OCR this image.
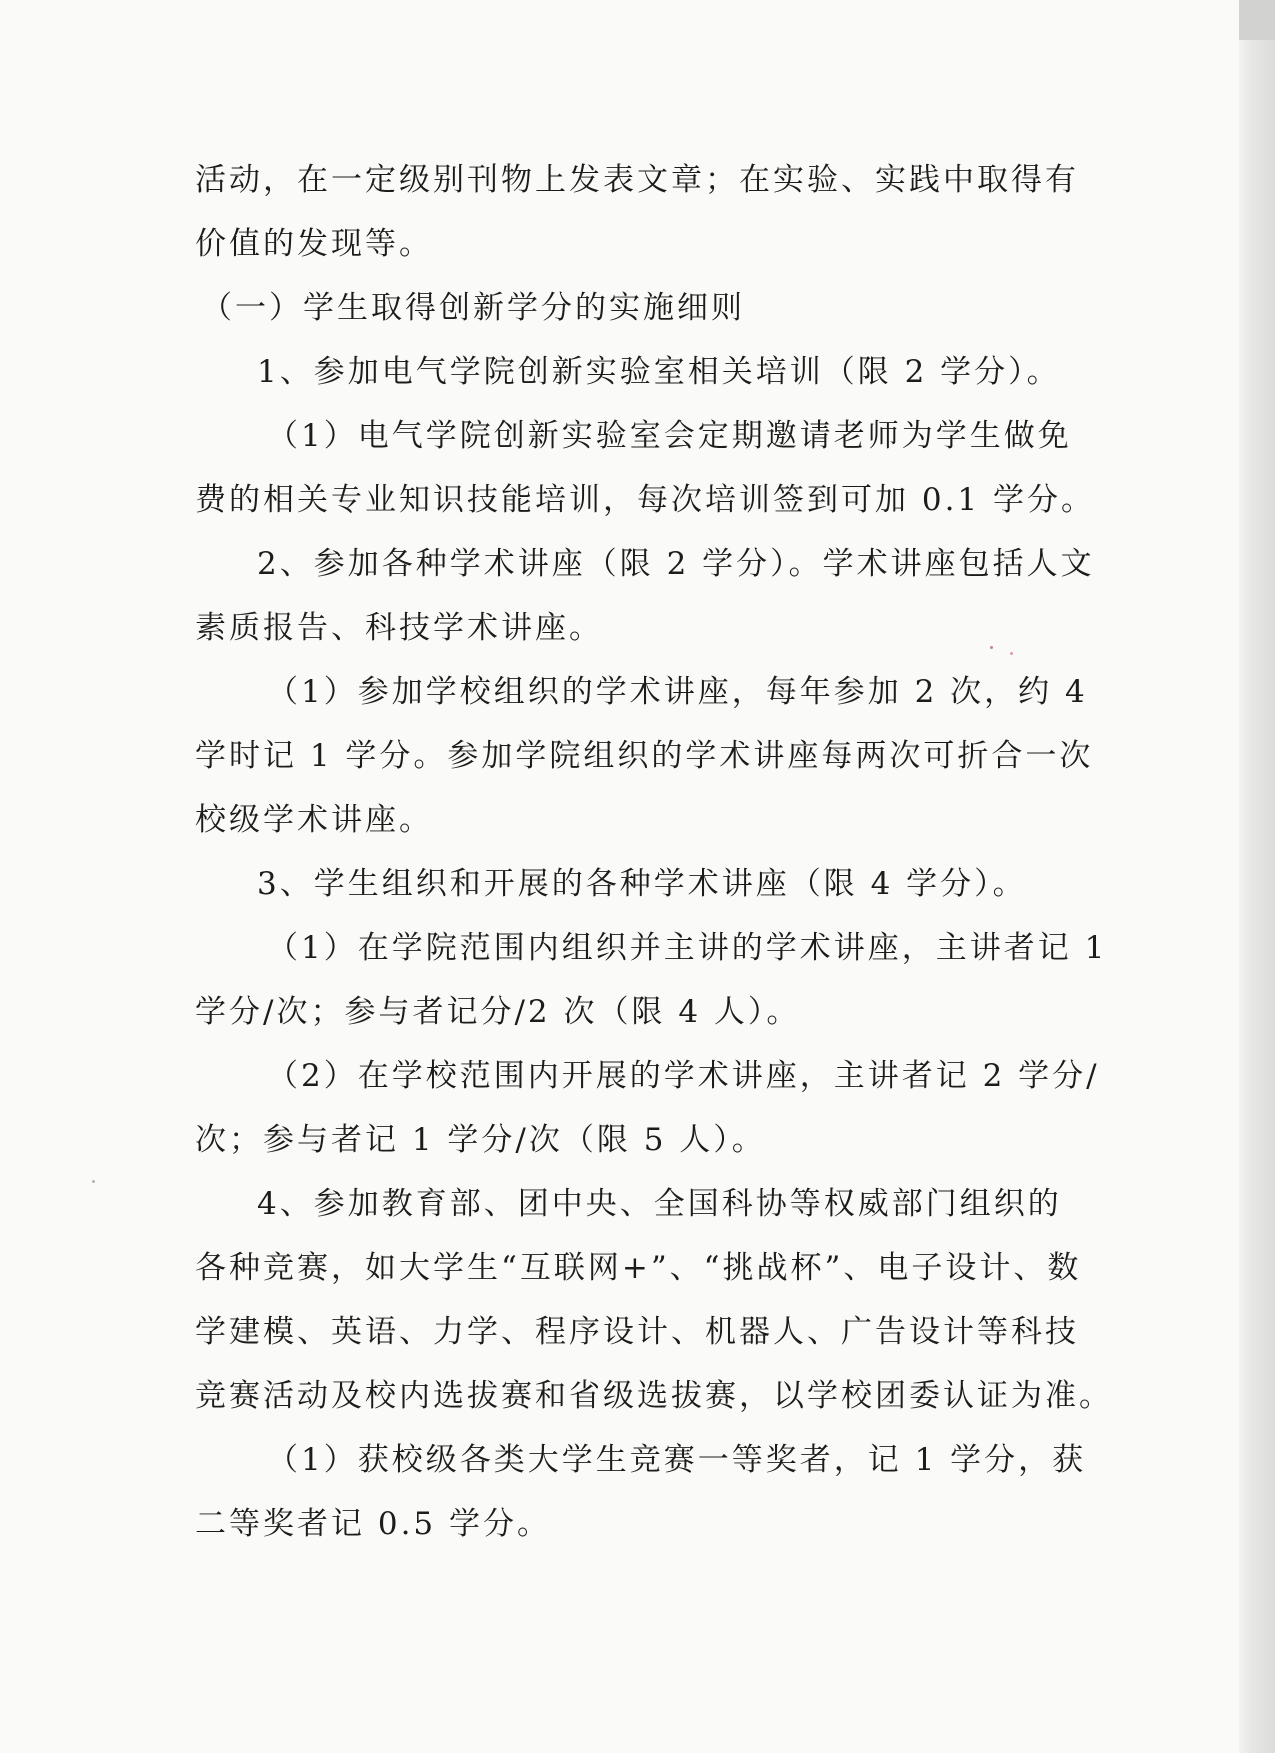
活动，在一定级别刊物上发表文章；在实验、实践中取得有
价值的发现等。
（一）学生取得创新学分的实施细则
1、参加电气学院创新实验室相关培训（限 2 学分）。
（1）电气学院创新实验室会定期邀请老师为学生做免
费的相关专业知识技能培训，每次培训签到可加 0.1 学分。
2、参加各种学术讲座（限 2 学分）。学术讲座包括人文
素质报告、科技学术讲座。
（1）参加学校组织的学术讲座，每年参加 2 次，约 4
学时记 1 学分。参加学院组织的学术讲座每两次可折合一次
校级学术讲座。
3、学生组织和开展的各种学术讲座（限 4 学分）。
（1）在学院范围内组织并主讲的学术讲座，主讲者记 1
学分/次；参与者记分/2 次（限 4 人）。
（2）在学校范围内开展的学术讲座，主讲者记 2 学分/
次；参与者记 1 学分/次（限 5 人）。
4、参加教育部、团中央、全国科协等权威部门组织的
各种竞赛，如大学生“互联网+”、“挑战杯”、电子设计、数
学建模、英语、力学、程序设计、机器人、广告设计等科技
竞赛活动及校内选拔赛和省级选拔赛，以学校团委认证为准。
（1）获校级各类大学生竞赛一等奖者，记 1 学分，获
二等奖者记 0.5 学分。
